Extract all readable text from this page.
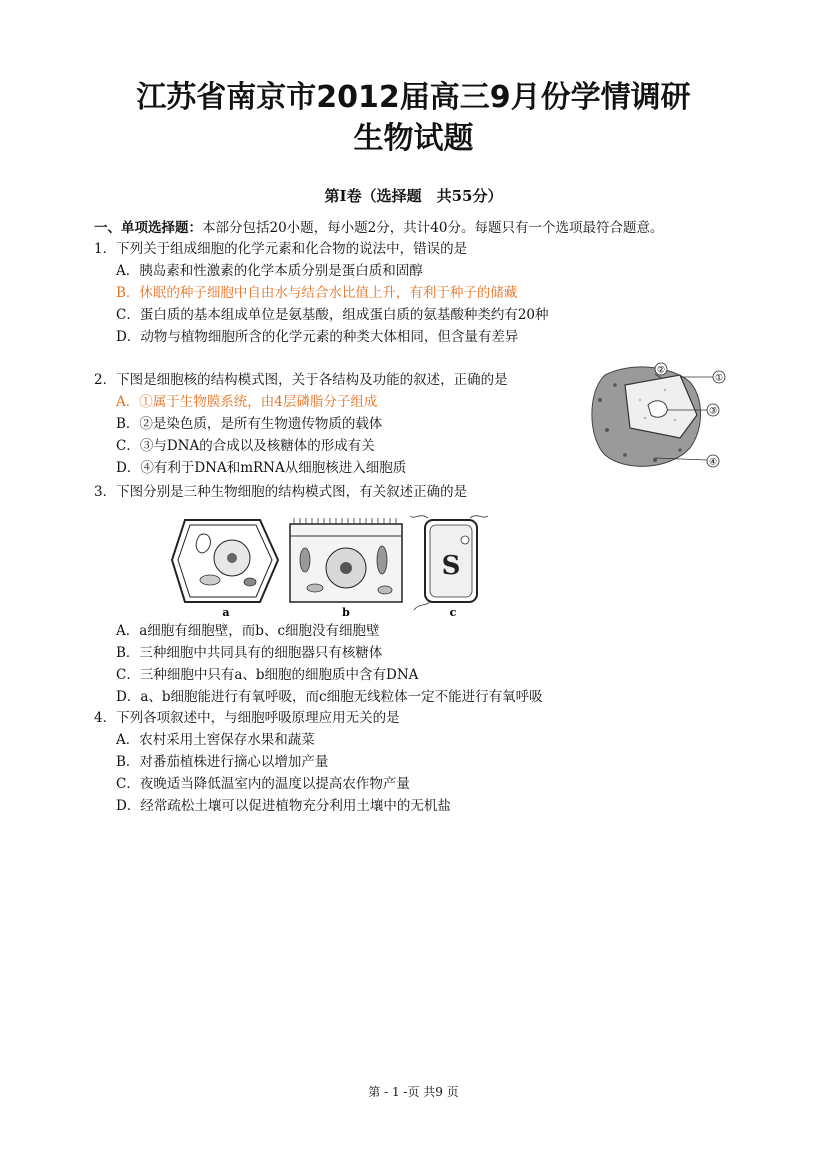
江苏省南京市2012届高三9月份学情调研
生物试题
第Ⅰ卷（选择题　共55分）
一、单项选择题：本部分包括20小题，每小题2分，共计40分。每题只有一个选项最符合题意。
1．下列关于组成细胞的化学元素和化合物的说法中，错误的是
A．胰岛素和性激素的化学本质分别是蛋白质和固醇
B．休眠的种子细胞中自由水与结合水比值上升，有利于种子的储藏
C．蛋白质的基本组成单位是氨基酸，组成蛋白质的氨基酸种类约有20种
D．动物与植物细胞所含的化学元素的种类大体相同，但含量有差异
2．下图是细胞核的结构模式图，关于各结构及功能的叙述，正确的是
A．①属于生物膜系统，由4层磷脂分子组成
B．②是染色质，是所有生物遗传物质的载体
C．③与DNA的合成以及核糖体的形成有关
D．④有利于DNA和mRNA从细胞核进入细胞质
②
①
③
④
3．下图分别是三种生物细胞的结构模式图，有关叙述正确的是
a	b
S
c
A．a细胞有细胞壁，而b、c细胞没有细胞壁
B．三种细胞中共同具有的细胞器只有核糖体
C．三种细胞中只有a、b细胞的细胞质中含有DNA
D．a、b细胞能进行有氧呼吸，而c细胞无线粒体一定不能进行有氧呼吸
4．下列各项叙述中，与细胞呼吸原理应用无关的是
A．农村采用土窖保存水果和蔬菜
B．对番茄植株进行摘心以增加产量
C．夜晚适当降低温室内的温度以提高农作物产量
D．经常疏松土壤可以促进植物充分利用土壤中的无机盐
第 - 1 -页 共9 页
